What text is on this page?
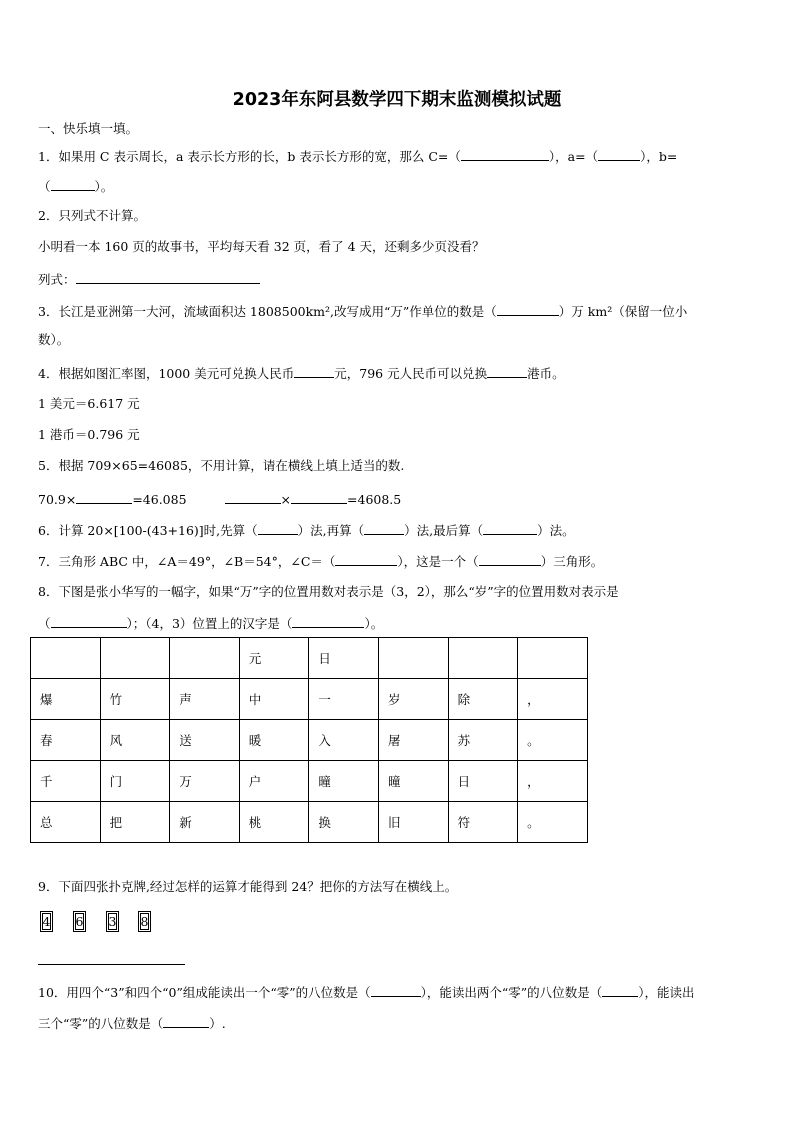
2023年东阿县数学四下期末监测模拟试题
一、快乐填一填。
1．如果用 C 表示周长，a 表示长方形的长，b 表示长方形的宽，那么 C=（	），a=（	），b=
（	）。
2．只列式不计算。
小明看一本 160 页的故事书，平均每天看 32 页，看了 4 天，还剩多少页没看？
列式：
3．长江是亚洲第一大河，流域面积达 1808500km²,改写成用“万”作单位的数是（	）万 km²（保留一位小
数）。
4．根据如图汇率图，1000 美元可兑换人民币	元，796 元人民币可以兑换	港币。
1 美元＝6.617 元
1 港币＝0.796 元
5．根据 709×65=46085，不用计算，请在横线上填上适当的数.
70.9×	=46.085	×	=4608.5
6．计算 20×[100-(43+16)]时,先算（	）法,再算（	）法,最后算（	）法。
7．三角形 ABC 中，∠A＝49°，∠B＝54°，∠C＝（	），这是一个（	）三角形。
8．下图是张小华写的一幅字，如果“万”字的位置用数对表示是（3，2），那么“岁”字的位置用数对表示是
（	）；（4，3）位置上的汉字是（	）。
			元	日			
爆	竹	声	中	一	岁	除	，
春	风	送	暖	入	屠	苏	。
千	门	万	户	曈	曈	日	，
总	把	新	桃	换	旧	符	。
9．下面四张扑克牌,经过怎样的运算才能得到 24？把你的方法写在横线上。
4 6 3 8
10．用四个“3”和四个“0”组成能读出一个“零”的八位数是（	），能读出两个“零”的八位数是（	），能读出
三个“零”的八位数是（	）.
